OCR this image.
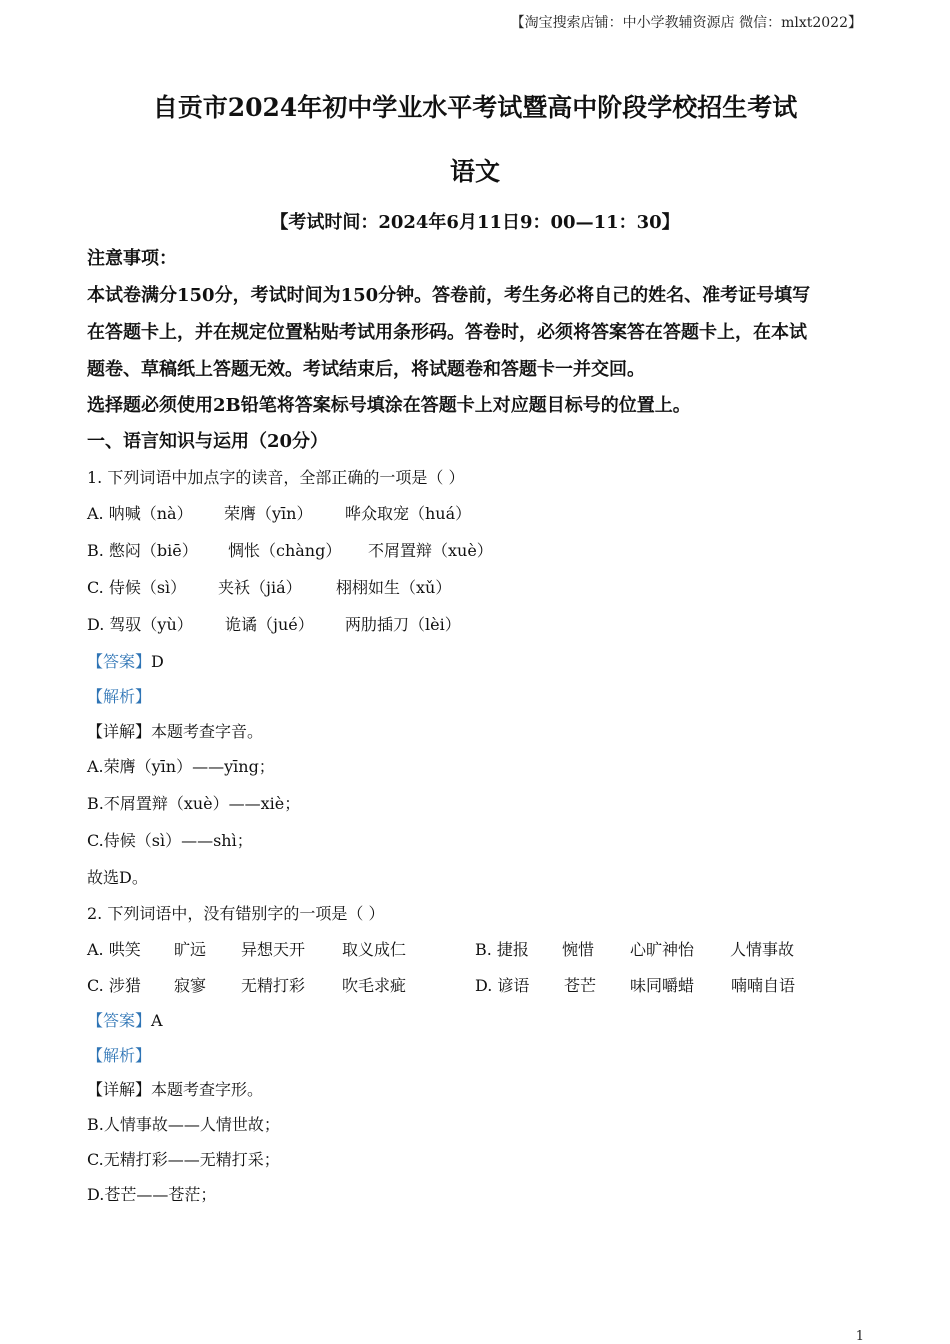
【淘宝搜索店铺：中小学教辅资源店 微信：mlxt2022】
自贡市2024年初中学业水平考试暨高中阶段学校招生考试
语文
【考试时间：2024年6月11日9：00—11：30】
注意事项：
本试卷满分150分，考试时间为150分钟。答卷前，考生务必将自己的姓名、准考证号填写
在答题卡上，并在规定位置粘贴考试用条形码。答卷时，必须将答案答在答题卡上，在本试
题卷、草稿纸上答题无效。考试结束后，将试题卷和答题卡一并交回。
选择题必须使用2B铅笔将答案标号填涂在答题卡上对应题目标号的位置上。
一、语言知识与运用（20分）
1. 下列词语中加点字的读音，全部正确的一项是（ ）
A. 呐喊（nà） 荣膺（yīn） 哗众取宠（huá）
B. 憋闷（biē） 惆怅（chàng） 不屑置辩（xuè）
C. 侍候（sì） 夹袄（jiá） 栩栩如生（xǔ）
D. 驾驭（yù） 诡谲（jué） 两肋插刀（lèi）
【答案】D
【解析】
【详解】本题考查字音。
A.荣膺（yīn）——yīng；
B.不屑置辩（xuè）——xiè；
C.侍候（sì）——shì；
故选D。
2. 下列词语中，没有错别字的一项是（ ）
A. 哄笑 旷远 异想天开 取义成仁	B. 捷报 惋惜 心旷神怡 人情事故
C. 涉猎 寂寥 无精打彩 吹毛求疵	D. 谚语 苍芒 味同嚼蜡 喃喃自语
【答案】A
【解析】
【详解】本题考查字形。
B.人情事故——人情世故；
C.无精打彩——无精打采；
D.苍芒——苍茫；
1
